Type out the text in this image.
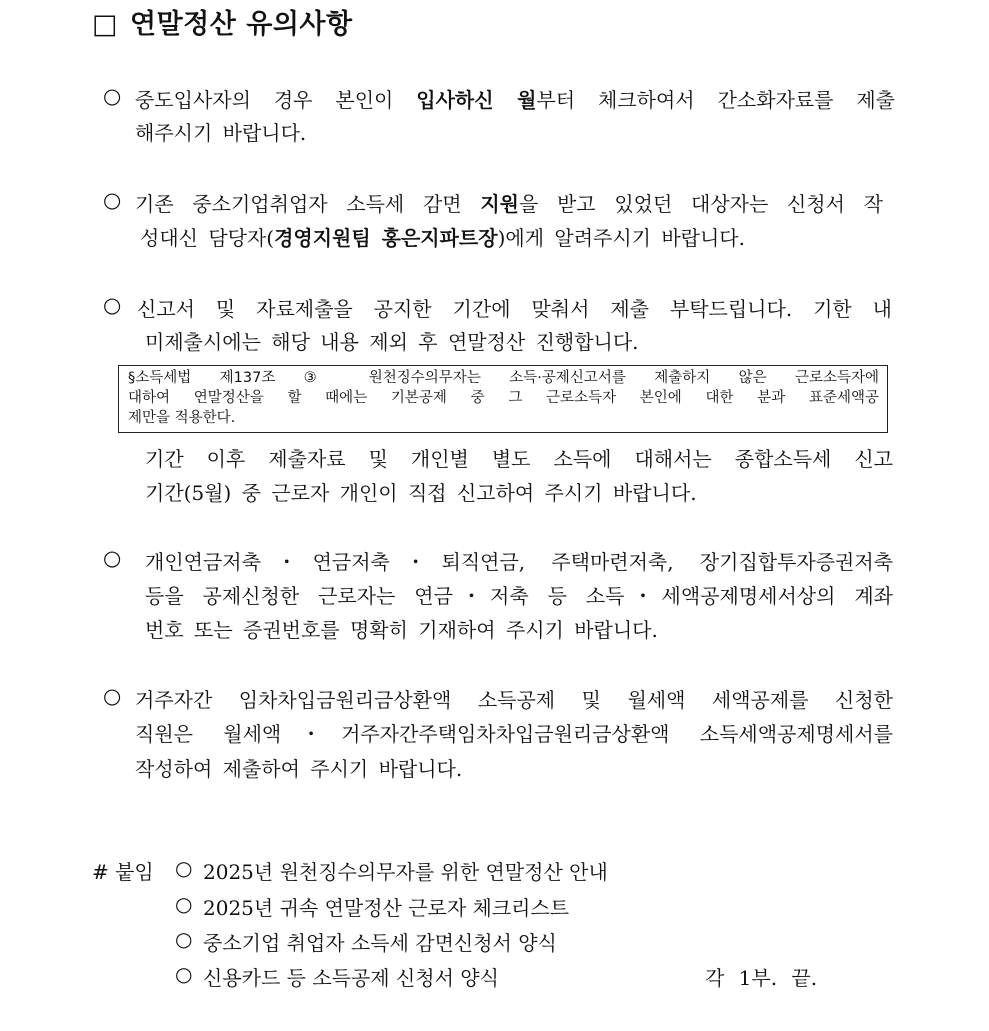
□ 연말정산 유의사항
○ 중도입사자의 경우 본인이 입사하신 월부터 체크하여서 간소화자료를 제출
해주시기 바랍니다.
○ 기존 중소기업취업자 소득세 감면 지원을 받고 있었던 대상자는 신청서 작
성대신 담당자(경영지원팀 홍은지파트장)에게 알려주시기 바랍니다.
○ 신고서 및 자료제출을 공지한 기간에 맞춰서 제출 부탁드립니다. 기한 내
미제출시에는 해당 내용 제외 후 연말정산 진행합니다.
§소득세법 제137조 ③ 원천징수의무자는 소득·공제신고서를 제출하지 않은 근로소득자에
대하여 연말정산을 할 때에는 기본공제 중 그 근로소득자 본인에 대한 분과 표준세액공
제만을 적용한다.
기간 이후 제출자료 및 개인별 별도 소득에 대해서는 종합소득세 신고
기간(5월) 중 근로자 개인이 직접 신고하여 주시기 바랍니다.
○ 개인연금저축・연금저축・퇴직연금, 주택마련저축, 장기집합투자증권저축
등을 공제신청한 근로자는 연금・저축 등 소득・세액공제명세서상의 계좌
번호 또는 증권번호를 명확히 기재하여 주시기 바랍니다.
○ 거주자간 임차차입금원리금상환액 소득공제 및 월세액 세액공제를 신청한
직원은 월세액・거주자간주택임차차입금원리금상환액 소득세액공제명세서를
작성하여 제출하여 주시기 바랍니다.
# 붙임 ○ 2025년 원천징수의무자를 위한 연말정산 안내
○ 2025년 귀속 연말정산 근로자 체크리스트
○ 중소기업 취업자 소득세 감면신청서 양식
○ 신용카드 등 소득공제 신청서 양식	각 1부. 끝.
